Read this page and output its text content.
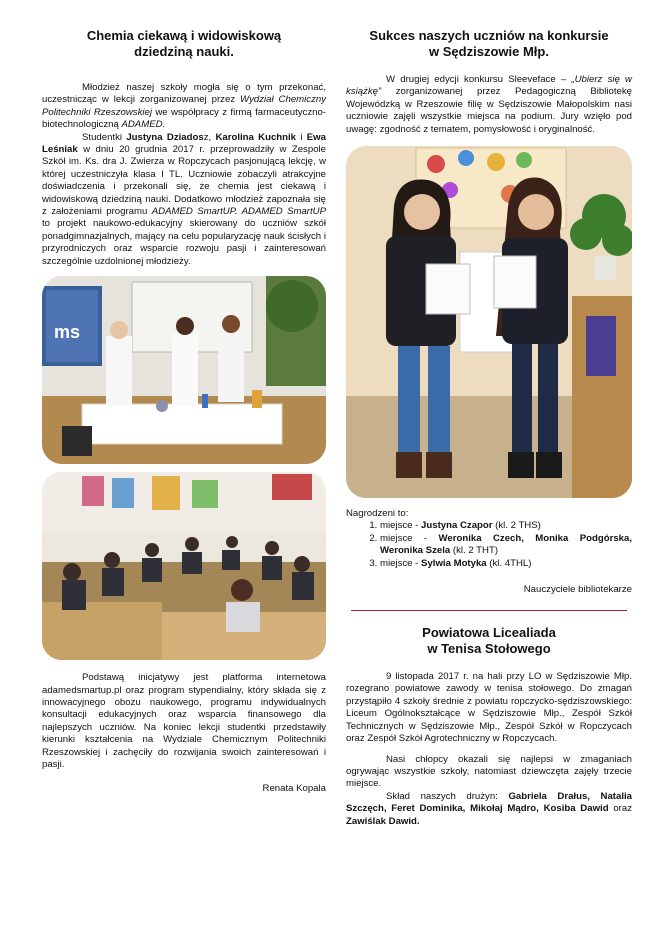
Chemia ciekawą i widowiskową
dziedziną nauki.

Młodzież naszej szkoły mogła się o tym przekonać, uczestnicząc w lekcji zorganizowanej przez Wydział Chemiczny Politechniki Rzeszowskiej we współpracy z firmą farmaceutyczno-biotechnologiczną ADAMED.

Studentki Justyna Dziadosz, Karolina Kuchnik i Ewa Leśniak w dniu 20 grudnia 2017 r. przeprowadziły w Zespole Szkół im. Ks. dra J. Zwierza w Ropczycach pasjonującą lekcję, w której uczestniczyła klasa I TL. Uczniowie zobaczyli atrakcyjne doświadczenia i przekonali się, że chemia jest ciekawą i widowiskową dziedziną nauki. Dodatkowo młodzież zapoznała się z założeniami programu ADAMED SmartUP. ADAMED SmartUP to projekt naukowo-edukacyjny skierowany do uczniów szkół ponadgimnazjalnych, mający na celu popularyzację nauk ścisłych i przyrodniczych oraz wsparcie rozwoju pasji i zainteresowań szczególnie uzdolnionej młodzieży.

ms

Podstawą inicjatywy jest platforma internetowa adamedsmartup.pl oraz program stypendialny, który składa się z innowacyjnego obozu naukowego, programu indywidualnych konsultacji edukacyjnych oraz wsparcia finansowego dla najlepszych uczniów. Na koniec lekcji studentki przedstawiły kierunki kształcenia na Wydziale Chemicznym Politechniki Rzeszowskiej i zachęciły do rozwijania swoich zainteresowań i pasji.

Renata Kopala

Sukces naszych uczniów na konkursie
w Sędziszowie Młp.

W drugiej edycji konkursu Sleeveface – „Ubierz się w książkę” zorganizowanej przez Pedagogiczną Bibliotekę Wojewódzką w Rzeszowie filię w Sędziszowie Małopolskim nasi uczniowie zajęli wszystkie miejsca na podium. Jury wzięło pod uwagę: zgodność z tematem, pomysłowość i oryginalność.

Nagrodzeni to:

1. miejsce - Justyna Czapor (kl. 2 THS)
2. miejsce - Weronika Czech, Monika Podgórska, Weronika Szela (kl. 2 THT)
3. miejsce - Sylwia Motyka (kl. 4THL)

Nauczyciele bibliotekarze

Powiatowa Licealiada
w Tenisa Stołowego

9 listopada 2017 r. na hali przy LO w Sędziszowie Młp. rozegrano powiatowe zawody w tenisa stołowego. Do zmagań przystąpiło 4 szkoły średnie z powiatu ropczycko-sędziszowskiego: Liceum Ogólnokształcące w Sędziszowie Młp., Zespół Szkół Technicznych w Sędziszowie Młp., Zespół Szkół w Ropczycach oraz Zespół Szkół Agrotechniczny w Ropczycach.

Nasi chłopcy okazali się najlepsi w zmaganiach ogrywając wszystkie szkoły, natomiast dziewczęta zajęły trzecie miejsce.

Skład naszych drużyn: Gabriela Drałus, Natalia Szczęch, Feret Dominika, Mikołaj Mądro, Kosiba Dawid oraz Zawiślak Dawid.
